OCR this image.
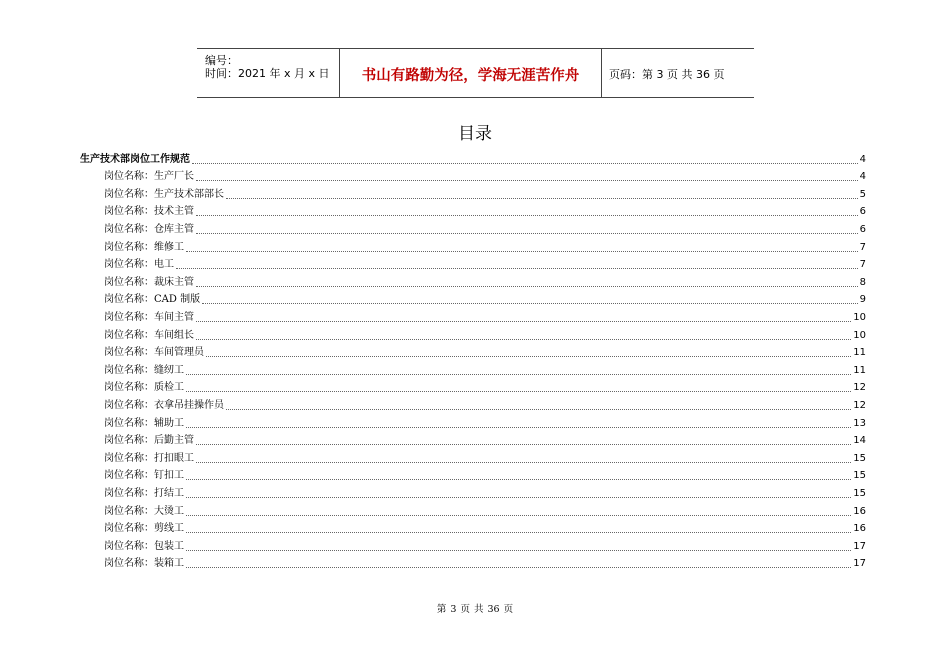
编号：
时间：2021 年 x 月 x 日	书山有路勤为径，学海无涯苦作舟	页码：第 3 页 共 36 页
目录
生产技术部岗位工作规范	4
岗位名称：生产厂长	4
岗位名称：生产技术部部长	5
岗位名称：技术主管	6
岗位名称：仓库主管	6
岗位名称：维修工	7
岗位名称：电工	7
岗位名称：裁床主管	8
岗位名称：CAD 制版	9
岗位名称：车间主管	10
岗位名称：车间组长	10
岗位名称：车间管理员	11
岗位名称：缝纫工	11
岗位名称：质检工	12
岗位名称：衣拿吊挂操作员	12
岗位名称：辅助工	13
岗位名称：后勤主管	14
岗位名称：打扣眼工	15
岗位名称：钉扣工	15
岗位名称：打结工	15
岗位名称：大烫工	16
岗位名称：剪线工	16
岗位名称：包装工	17
岗位名称：装箱工	17
第 3 页 共 36 页
